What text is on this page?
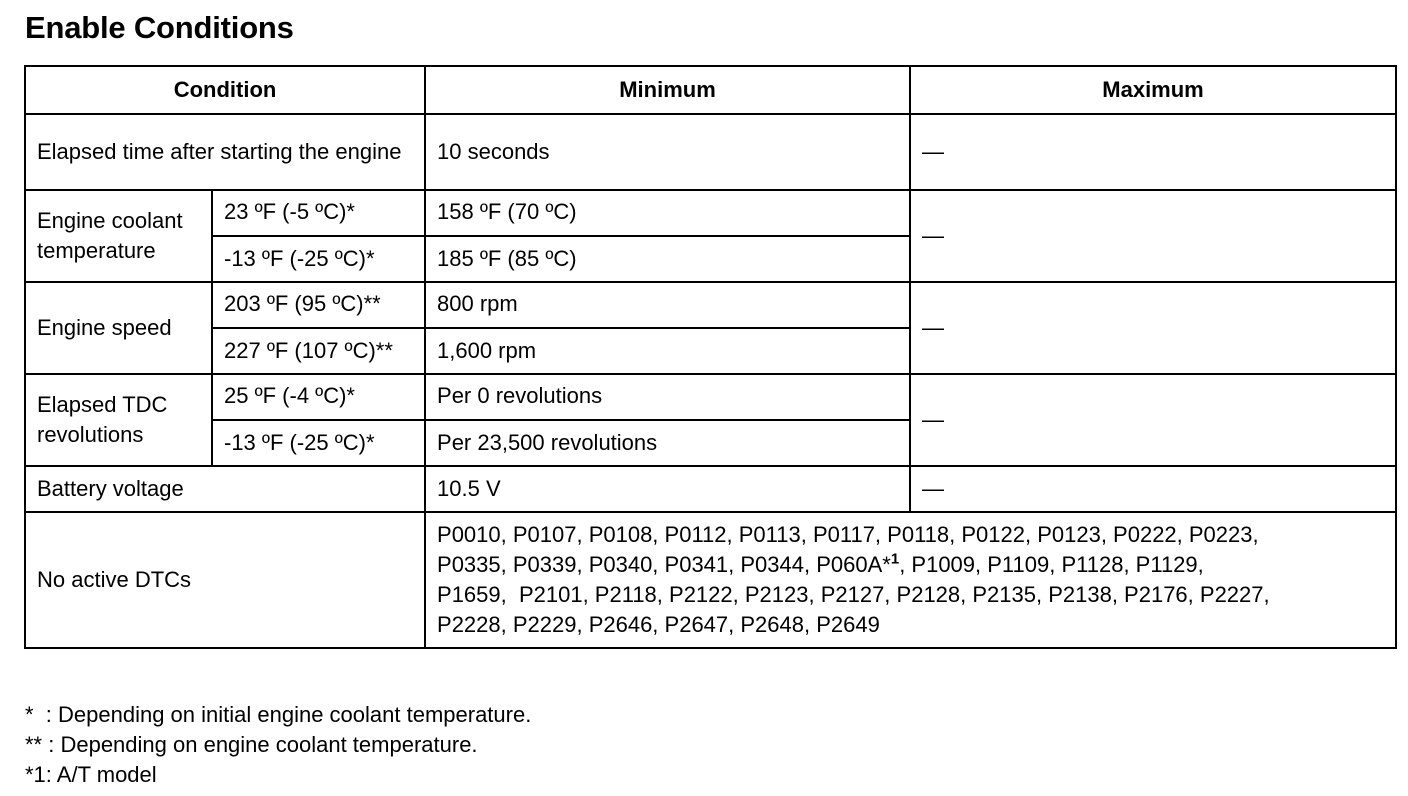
Enable Conditions
Condition		Minimum	Maximum
Elapsed time after starting the engine		10 seconds	—
Engine coolant temperature	23 ºF (-5 ºC)*	158 ºF (70 ºC)	—
	-13 ºF (-25 ºC)*	185 ºF (85 ºC)	
Engine speed	203 ºF (95 ºC)**	800 rpm	—
	227 ºF (107 ºC)**	1,600 rpm	
Elapsed TDC revolutions	25 ºF (-4 ºC)*	Per 0 revolutions	—
	-13 ºF (-25 ºC)*	Per 23,500 revolutions	
Battery voltage		10.5 V	—
No active DTCs		P0010, P0107, P0108, P0112, P0113, P0117, P0118, P0122, P0123, P0222, P0223,
P0335, P0339, P0340, P0341, P0344, P060A*$^1$, P1009, P1109, P1128, P1129,
P1659,  P2101, P2118, P2122, P2123, P2127, P2128, P2135, P2138, P2176, P2227,
P2228, P2229, P2646, P2647, P2648, P2649	
*  : Depending on initial engine coolant temperature.
** : Depending on engine coolant temperature.
*1: A/T model
